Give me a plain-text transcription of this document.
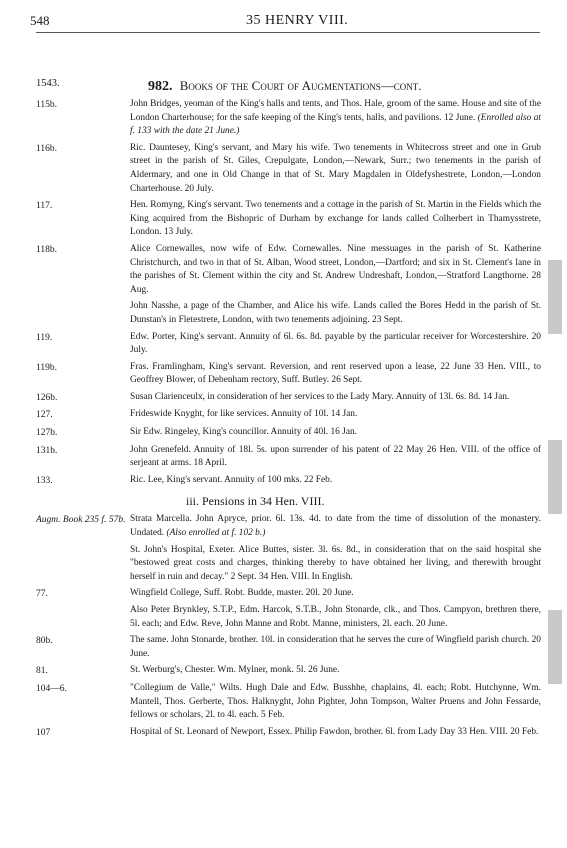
548	35 HENRY VIII.
1543.	982. Books of the Court of Augmentations—cont.
115b.	John Bridges, yeoman of the King's halls and tents, and Thos. Hale, groom of the same. House and site of the London Charterhouse; for the safe keeping of the King's tents, halls, and pavilions. 12 June. (Enrolled also at f. 133 with the date 21 June.)
116b.	Ric. Dauntesey, King's servant, and Mary his wife. Two tenements in Whitecross street and one in Grub street in the parish of St. Giles, Crepulgate, London,—Newark, Surr.; two tenements in the parish of Aldermary, and one in Old Change in that of St. Mary Magdalen in Oldefyshestrete, London,—London Charterhouse. 20 July.
117.	Hen. Romyng, King's servant. Two tenements and a cottage in the parish of St. Martin in the Fields which the King acquired from the Bishopric of Durham by exchange for lands called Colherbert in Thamysstrete, London. 13 July.
118b.	Alice Cornewalles, now wife of Edw. Cornewalles. Nine messuages in the parish of St. Katherine Christchurch, and two in that of St. Alban, Wood street, London,—Dartford; and six in St. Clement's lane in the parishes of St. Clement within the city and St. Andrew Undreshaft, London,—Stratford Langthorne. 28 Aug.
John Nasshe, a page of the Chamber, and Alice his wife. Lands called the Bores Hedd in the parish of St. Dunstan's in Fletestrete, London, with two tenements adjoining. 23 Sept.
119.	Edw. Porter, King's servant. Annuity of 6l. 6s. 8d. payable by the particular receiver for Worcestershire. 20 July.
119b.	Fras. Framlingham, King's servant. Reversion, and rent reserved upon a lease, 22 June 33 Hen. VIII., to Geoffrey Blower, of Debenham rectory, Suff. Butley. 26 Sept.
126b.	Susan Clarienceulx, in consideration of her services to the Lady Mary. Annuity of 13l. 6s. 8d. 14 Jan.
127.	Frideswide Knyght, for like services. Annuity of 10l. 14 Jan.
127b.	Sir Edw. Ringeley, King's councillor. Annuity of 40l. 16 Jan.
131b.	John Grenefeld. Annuity of 18l. 5s. upon surrender of his patent of 22 May 26 Hen. VIII. of the office of serjeant at arms. 18 April.
133.	Ric. Lee, King's servant. Annuity of 100 mks. 22 Feb.
iii. Pensions in 34 Hen. VIII.
Augm. Book 235 f. 57b. Strata Marcella. John Apryce, prior. 6l. 13s. 4d. to date from the time of dissolution of the monastery. Undated. (Also enrolled at f. 102 b.)
St. John's Hospital, Exeter. Alice Buttes, sister. 3l. 6s. 8d., in consideration that on the said hospital she "bestowed great costs and charges, thinking thereby to have obtained her living, and therewith brought herself in ruin and decay." 2 Sept. 34 Hen. VIII. In English.
77.	Wingfield College, Suff. Robt. Budde, master. 20l. 20 June.
Also Peter Brynkley, S.T.P., Edm. Harcok, S.T.B., John Stonarde, clk., and Thos. Campyon, brethren there, 5l. each; and Edw. Reve, John Manne and Robt. Manne, ministers, 2l. each. 20 June.
80b.	The same. John Stonarde, brother. 10l. in consideration that he serves the cure of Wingfield parish church. 20 June.
81.	St. Werburg's, Chester. Wm. Mylner, monk. 5l. 26 June.
104—6.	"Collegium de Valle," Wilts. Hugh Dale and Edw. Busshhe, chaplains, 4l. each; Robt. Hutchynne, Wm. Mantell, Thos. Gerberte, Thos. Halknyght, John Pighter, John Tompson, Walter Pruens and John Fessarde, fellows or scholars, 2l. to 4l. each. 5 Feb.
107	Hospital of St. Leonard of Newport, Essex. Philip Fawdon, brother. 6l. from Lady Day 33 Hen. VIII. 20 Feb.
